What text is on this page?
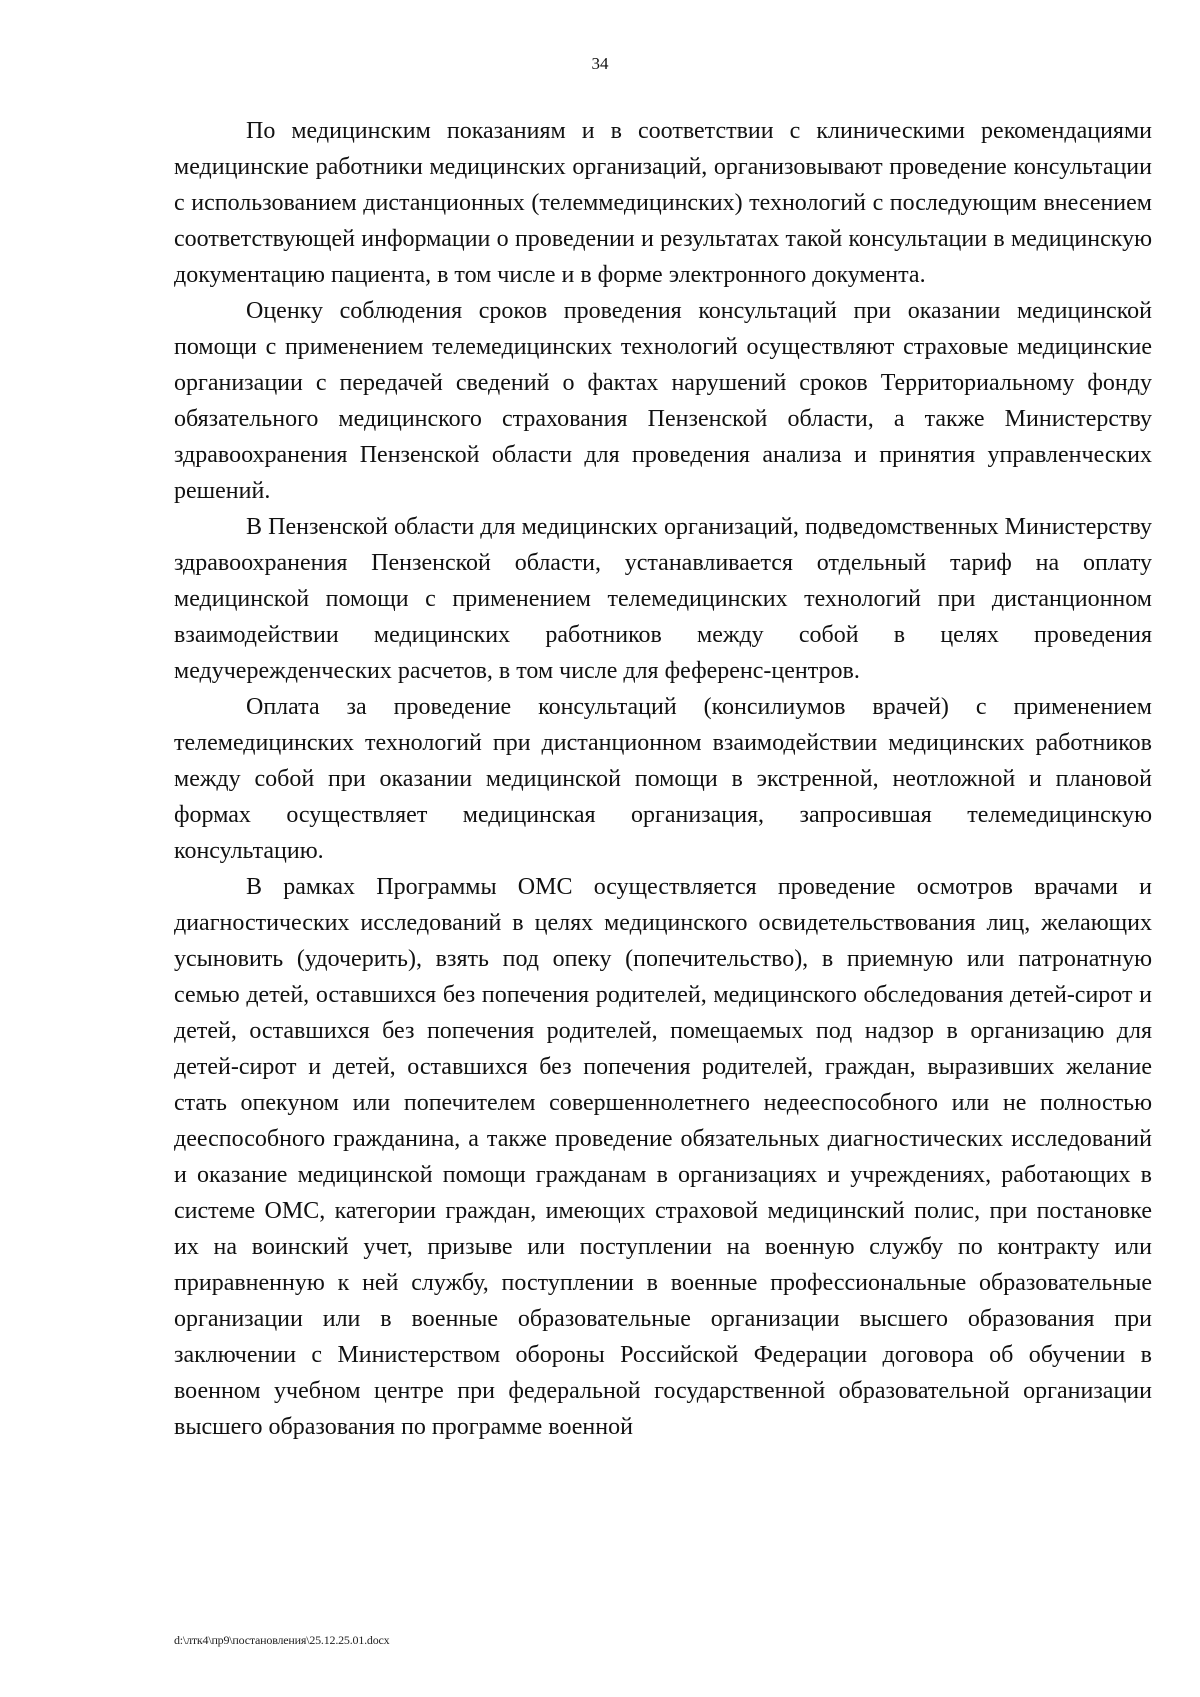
34

По медицинским показаниям и в соответствии с клиническими рекомендациями медицинские работники медицинских организаций, организовывают проведение консультации с использованием дистанционных (телеммедицинских) технологий с последующим внесением соответствующей информации о проведении и результатах такой консультации в медицинскую документацию пациента, в том числе и в форме электронного документа.

Оценку соблюдения сроков проведения консультаций при оказании медицинской помощи с применением телемедицинских технологий осуществляют страховые медицинские организации с передачей сведений о фактах нарушений сроков Территориальному фонду обязательного медицинского страхования Пензенской области, а также Министерству здравоохранения Пензенской области для проведения анализа и принятия управленческих решений.

В Пензенской области для медицинских организаций, подведомственных Министерству здравоохранения Пензенской области, устанавливается отдельный тариф на оплату медицинской помощи с применением телемедицинских технологий при дистанционном взаимодействии медицинских работников между собой в целях проведения медучережденческих расчетов, в том числе для фефеpенс-центров.

Оплата за проведение консультаций (консилиумов врачей) с применением телемедицинских технологий при дистанционном взаимодействии медицинских работников между собой при оказании медицинской помощи в экстренной, неотложной и плановой формах осуществляет медицинская организация, запросившая телемедицинскую консультацию.

В рамках Программы ОМС осуществляется проведение осмотров врачами и диагностических исследований в целях медицинского освидетельствования лиц, желающих усыновить (удочерить), взять под опеку (попечительство), в приемную или патронатную семью детей, оставшихся без попечения родителей, медицинского обследования детей-сирот и детей, оставшихся без попечения родителей, помещаемых под надзор в организацию для детей-сирот и детей, оставшихся без попечения родителей, граждан, выразивших желание стать опекуном или попечителем совершеннолетнего недееспособного или не полностью дееспособного гражданина, а также проведение обязательных диагностических исследований и оказание медицинской помощи гражданам в организациях и учреждениях, работающих в системе ОМС, категории граждан, имеющих страховой медицинский полис, при постановке их на воинский учет, призыве или поступлении на военную службу по контракту или приравненную к ней службу, поступлении в военные профессиональные образовательные организации или в военные образовательные организации высшего образования при заключении с Министерством обороны Российской Федерации договора об обучении в военном учебном центре при федеральной государственной образовательной организации высшего образования по программе военной

d:\лтк4\пр9\постановления\25.12.25.01.docx
